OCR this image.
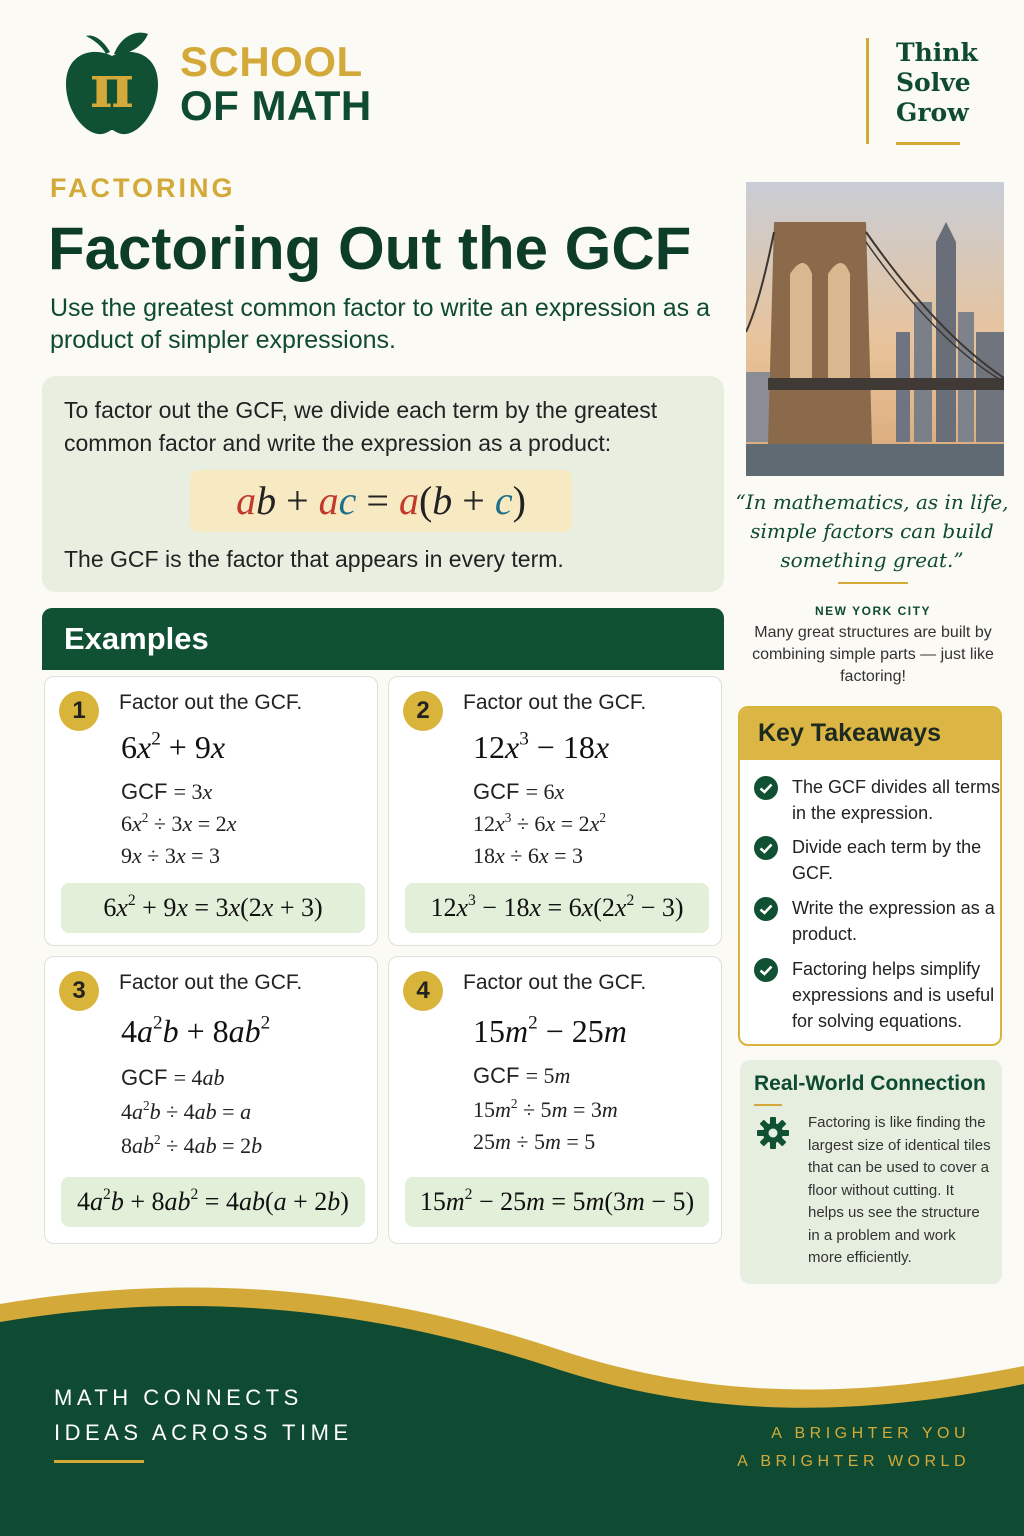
π	SCHOOL
OF MATH
Think
Solve
Grow
FACTORING
Factoring Out the GCF
Use the greatest common factor to write an expression as a product of simpler expressions.
To factor out the GCF, we divide each term by the greatest common factor and write the expression as a product:
ab + ac = a(b + c)
The GCF is the factor that appears in every term.
Examples
1	Factor out the GCF.
$6x^2 + 9x$
GCF = 3x
$6x^2 \div 3x = 2x$
9x ÷ 3x = 3
$6x^2 + 9x = 3x(2x + 3)$
2	Factor out the GCF.
$12x^3 - 18x$
GCF = 6x
$12x^3 \div 6x = 2x^2$
18x ÷ 6x = 3
$12x^3 - 18x = 6x(2x^2 - 3)$
3	Factor out the GCF.
$4a^2b + 8ab^2$
GCF = 4ab
$4a^2b \div 4ab = a$
$8ab^2 \div 4ab = 2b$
$4a^2b + 8ab^2 = 4ab(a + 2b)$
4	Factor out the GCF.
$15m^2 - 25m$
GCF = 5m
$15m^2 \div 5m = 3m$
25m ÷ 5m = 5
$15m^2 - 25m = 5m(3m - 5)$
“In mathematics, as in life, simple factors can build something great.”
NEW YORK CITY
Many great structures are built by combining simple parts — just like factoring!
Key Takeaways
The GCF divides all terms in the expression.
Divide each term by the GCF.
Write the expression as a product.
Factoring helps simplify expressions and is useful for solving equations.
Real-World Connection
Factoring is like finding the largest size of identical tiles that can be used to cover a floor without cutting. It helps us see the structure in a problem and work more efficiently.
MATH CONNECTS
IDEAS ACROSS TIME	A BRIGHTER YOU
A BRIGHTER WORLD
